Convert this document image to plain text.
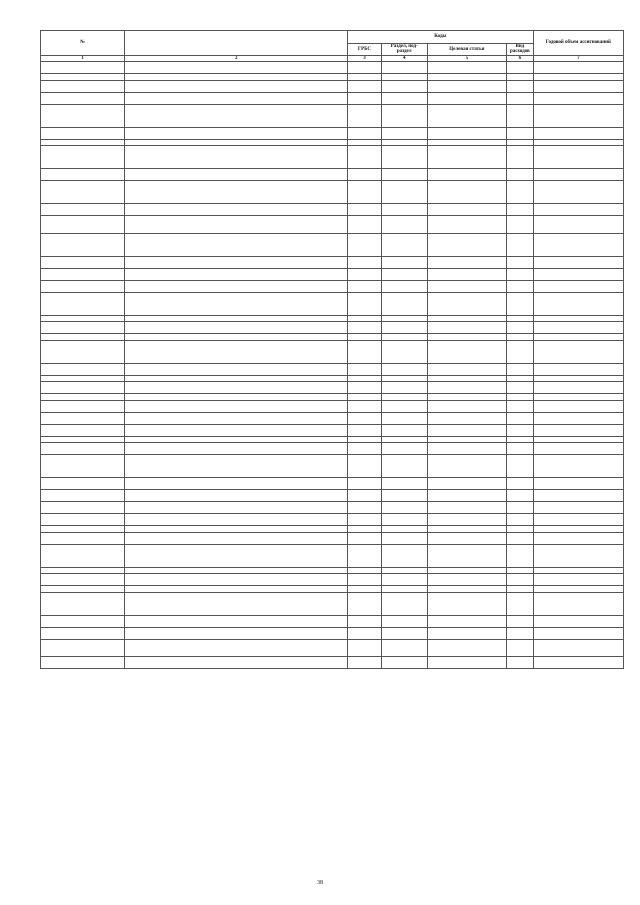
№		Коды				Годовой объем ассигнований
		ГРБС	Раздел, под-раздел	Целевая статья	Вид расходов	
1	2	3	4	5	6	7

38
